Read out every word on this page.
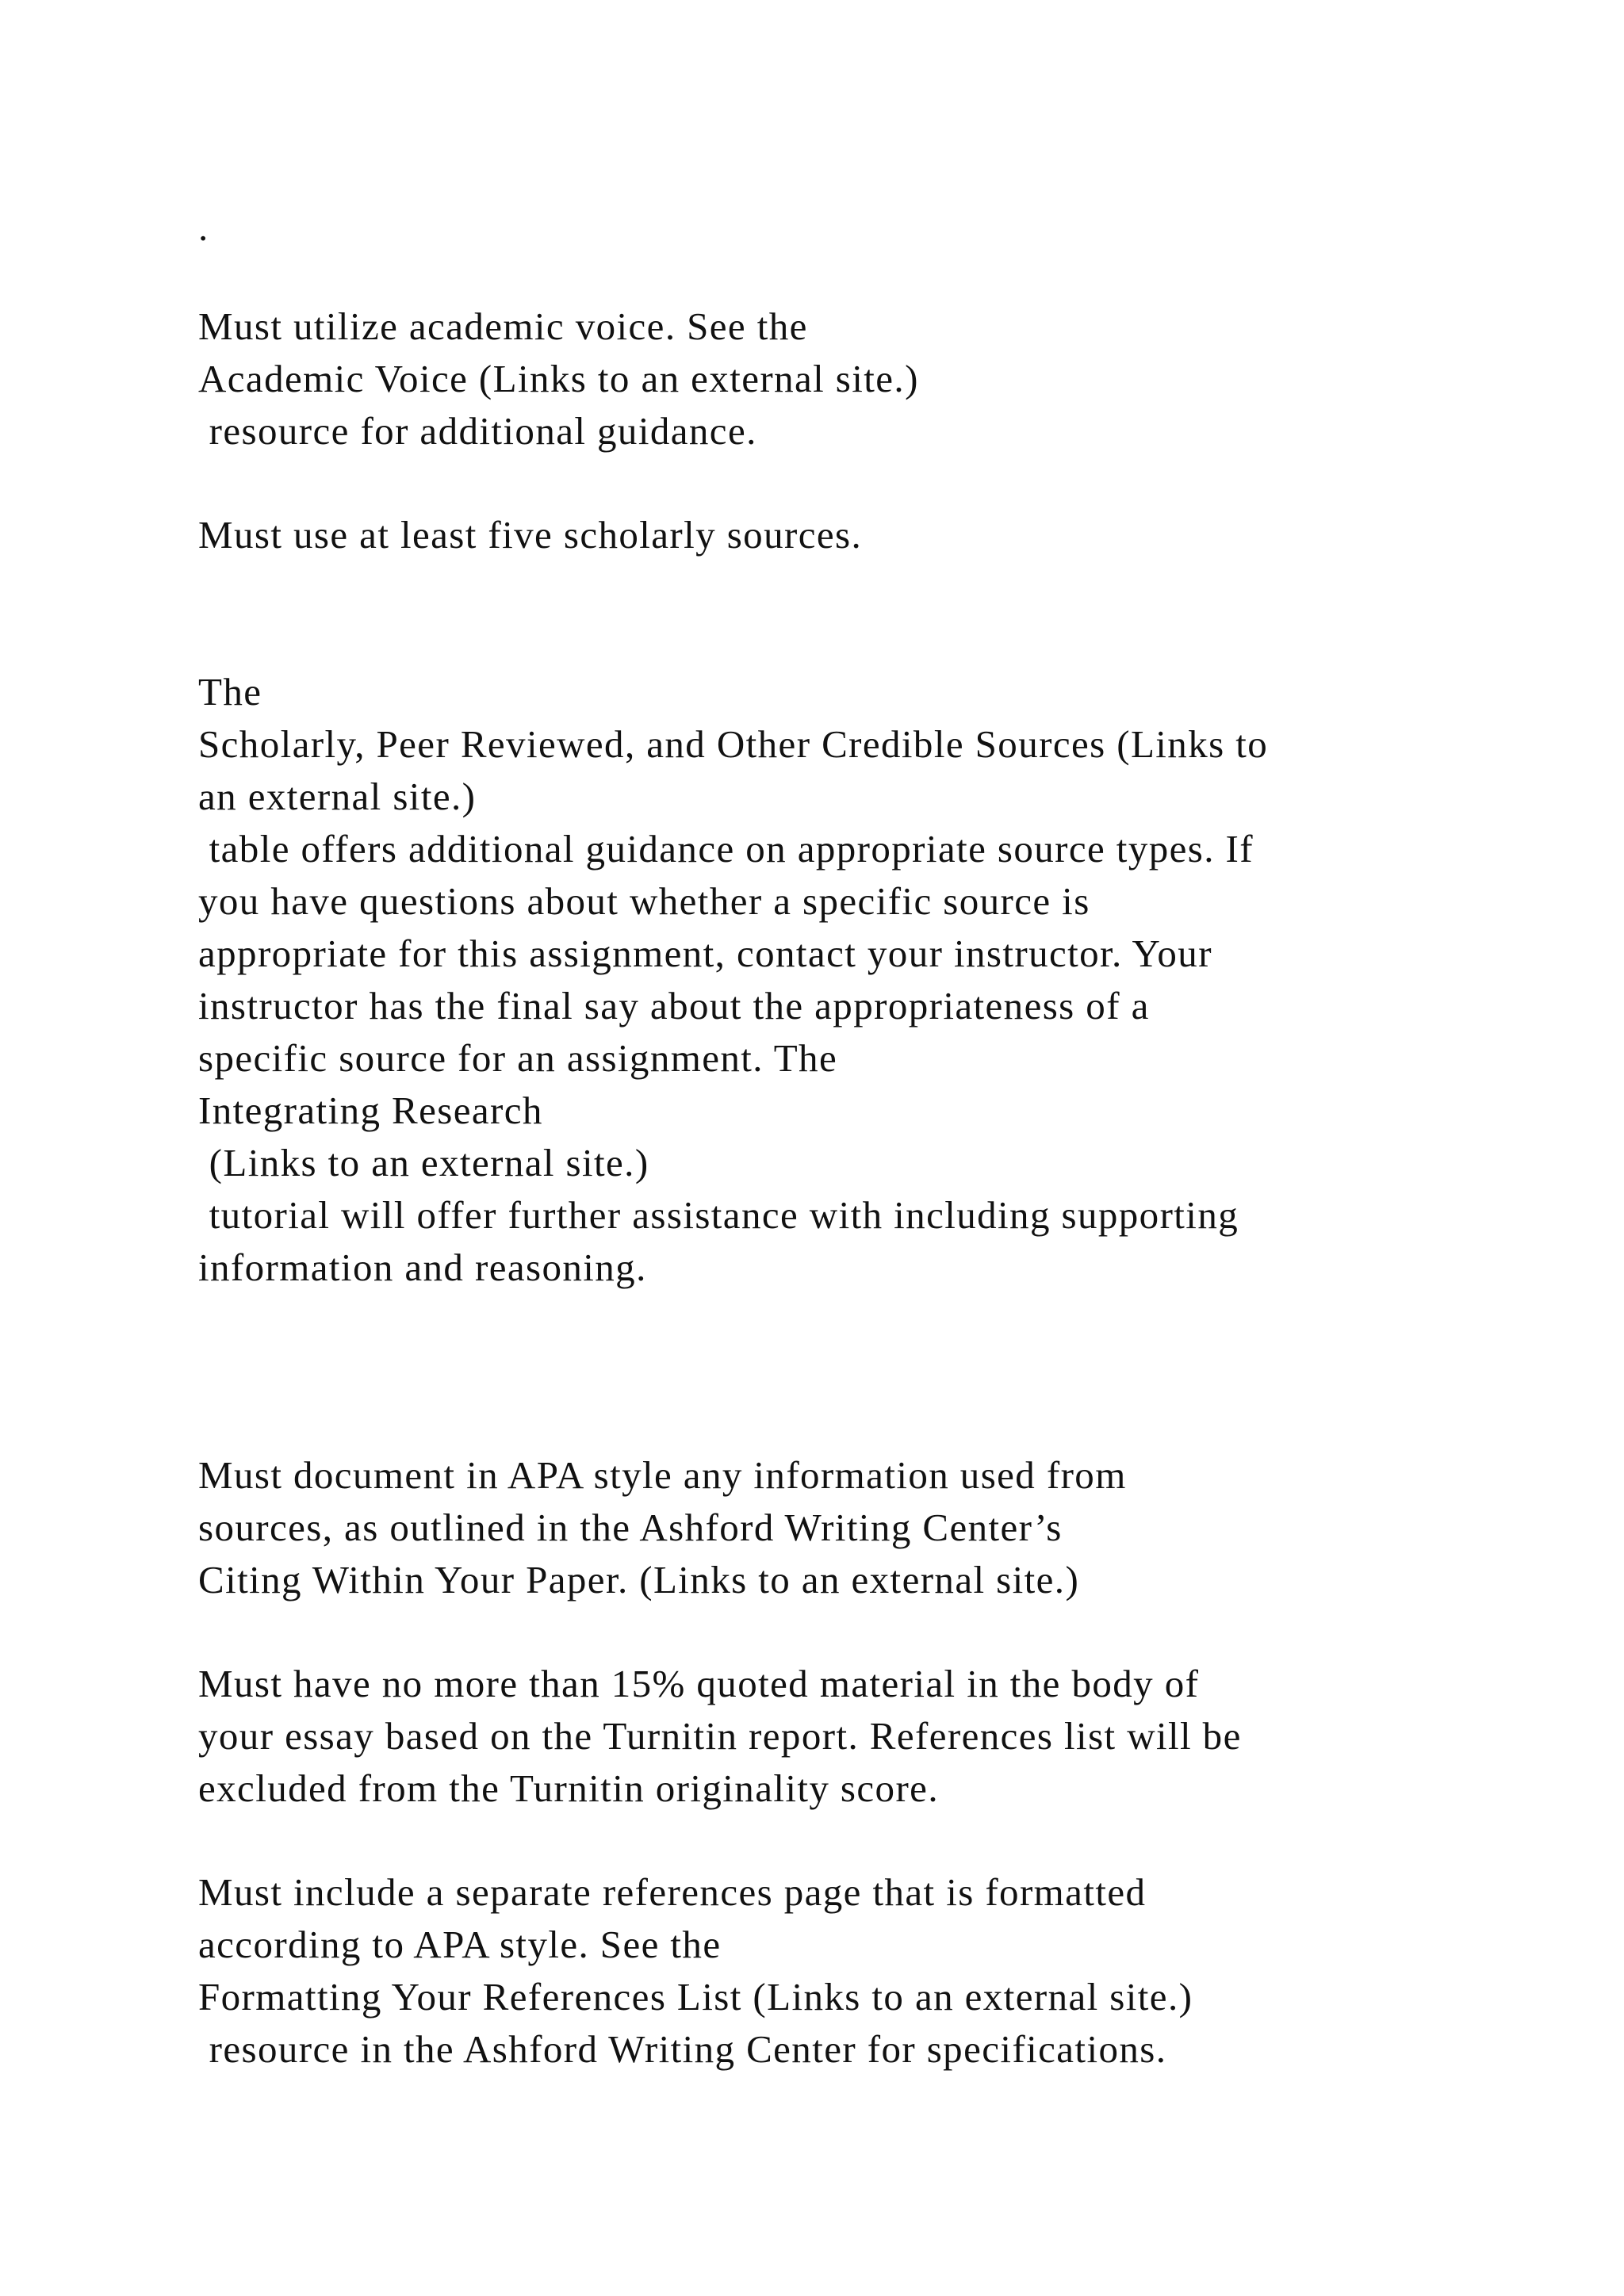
.

Must utilize academic voice. See the

Academic Voice (Links to an external site.)

resource for additional guidance.

Must use at least five scholarly sources.

The

Scholarly, Peer Reviewed, and Other Credible Sources (Links to

an external site.)

table offers additional guidance on appropriate source types. If

you have questions about whether a specific source is

appropriate for this assignment, contact your instructor. Your

instructor has the final say about the appropriateness of a

specific source for an assignment. The

Integrating Research

(Links to an external site.)

tutorial will offer further assistance with including supporting

information and reasoning.

Must document in APA style any information used from

sources, as outlined in the Ashford Writing Center’s

Citing Within Your Paper. (Links to an external site.)

Must have no more than 15% quoted material in the body of

your essay based on the Turnitin report. References list will be

excluded from the Turnitin originality score.

Must include a separate references page that is formatted

according to APA style. See the

Formatting Your References List (Links to an external site.)

resource in the Ashford Writing Center for specifications.
